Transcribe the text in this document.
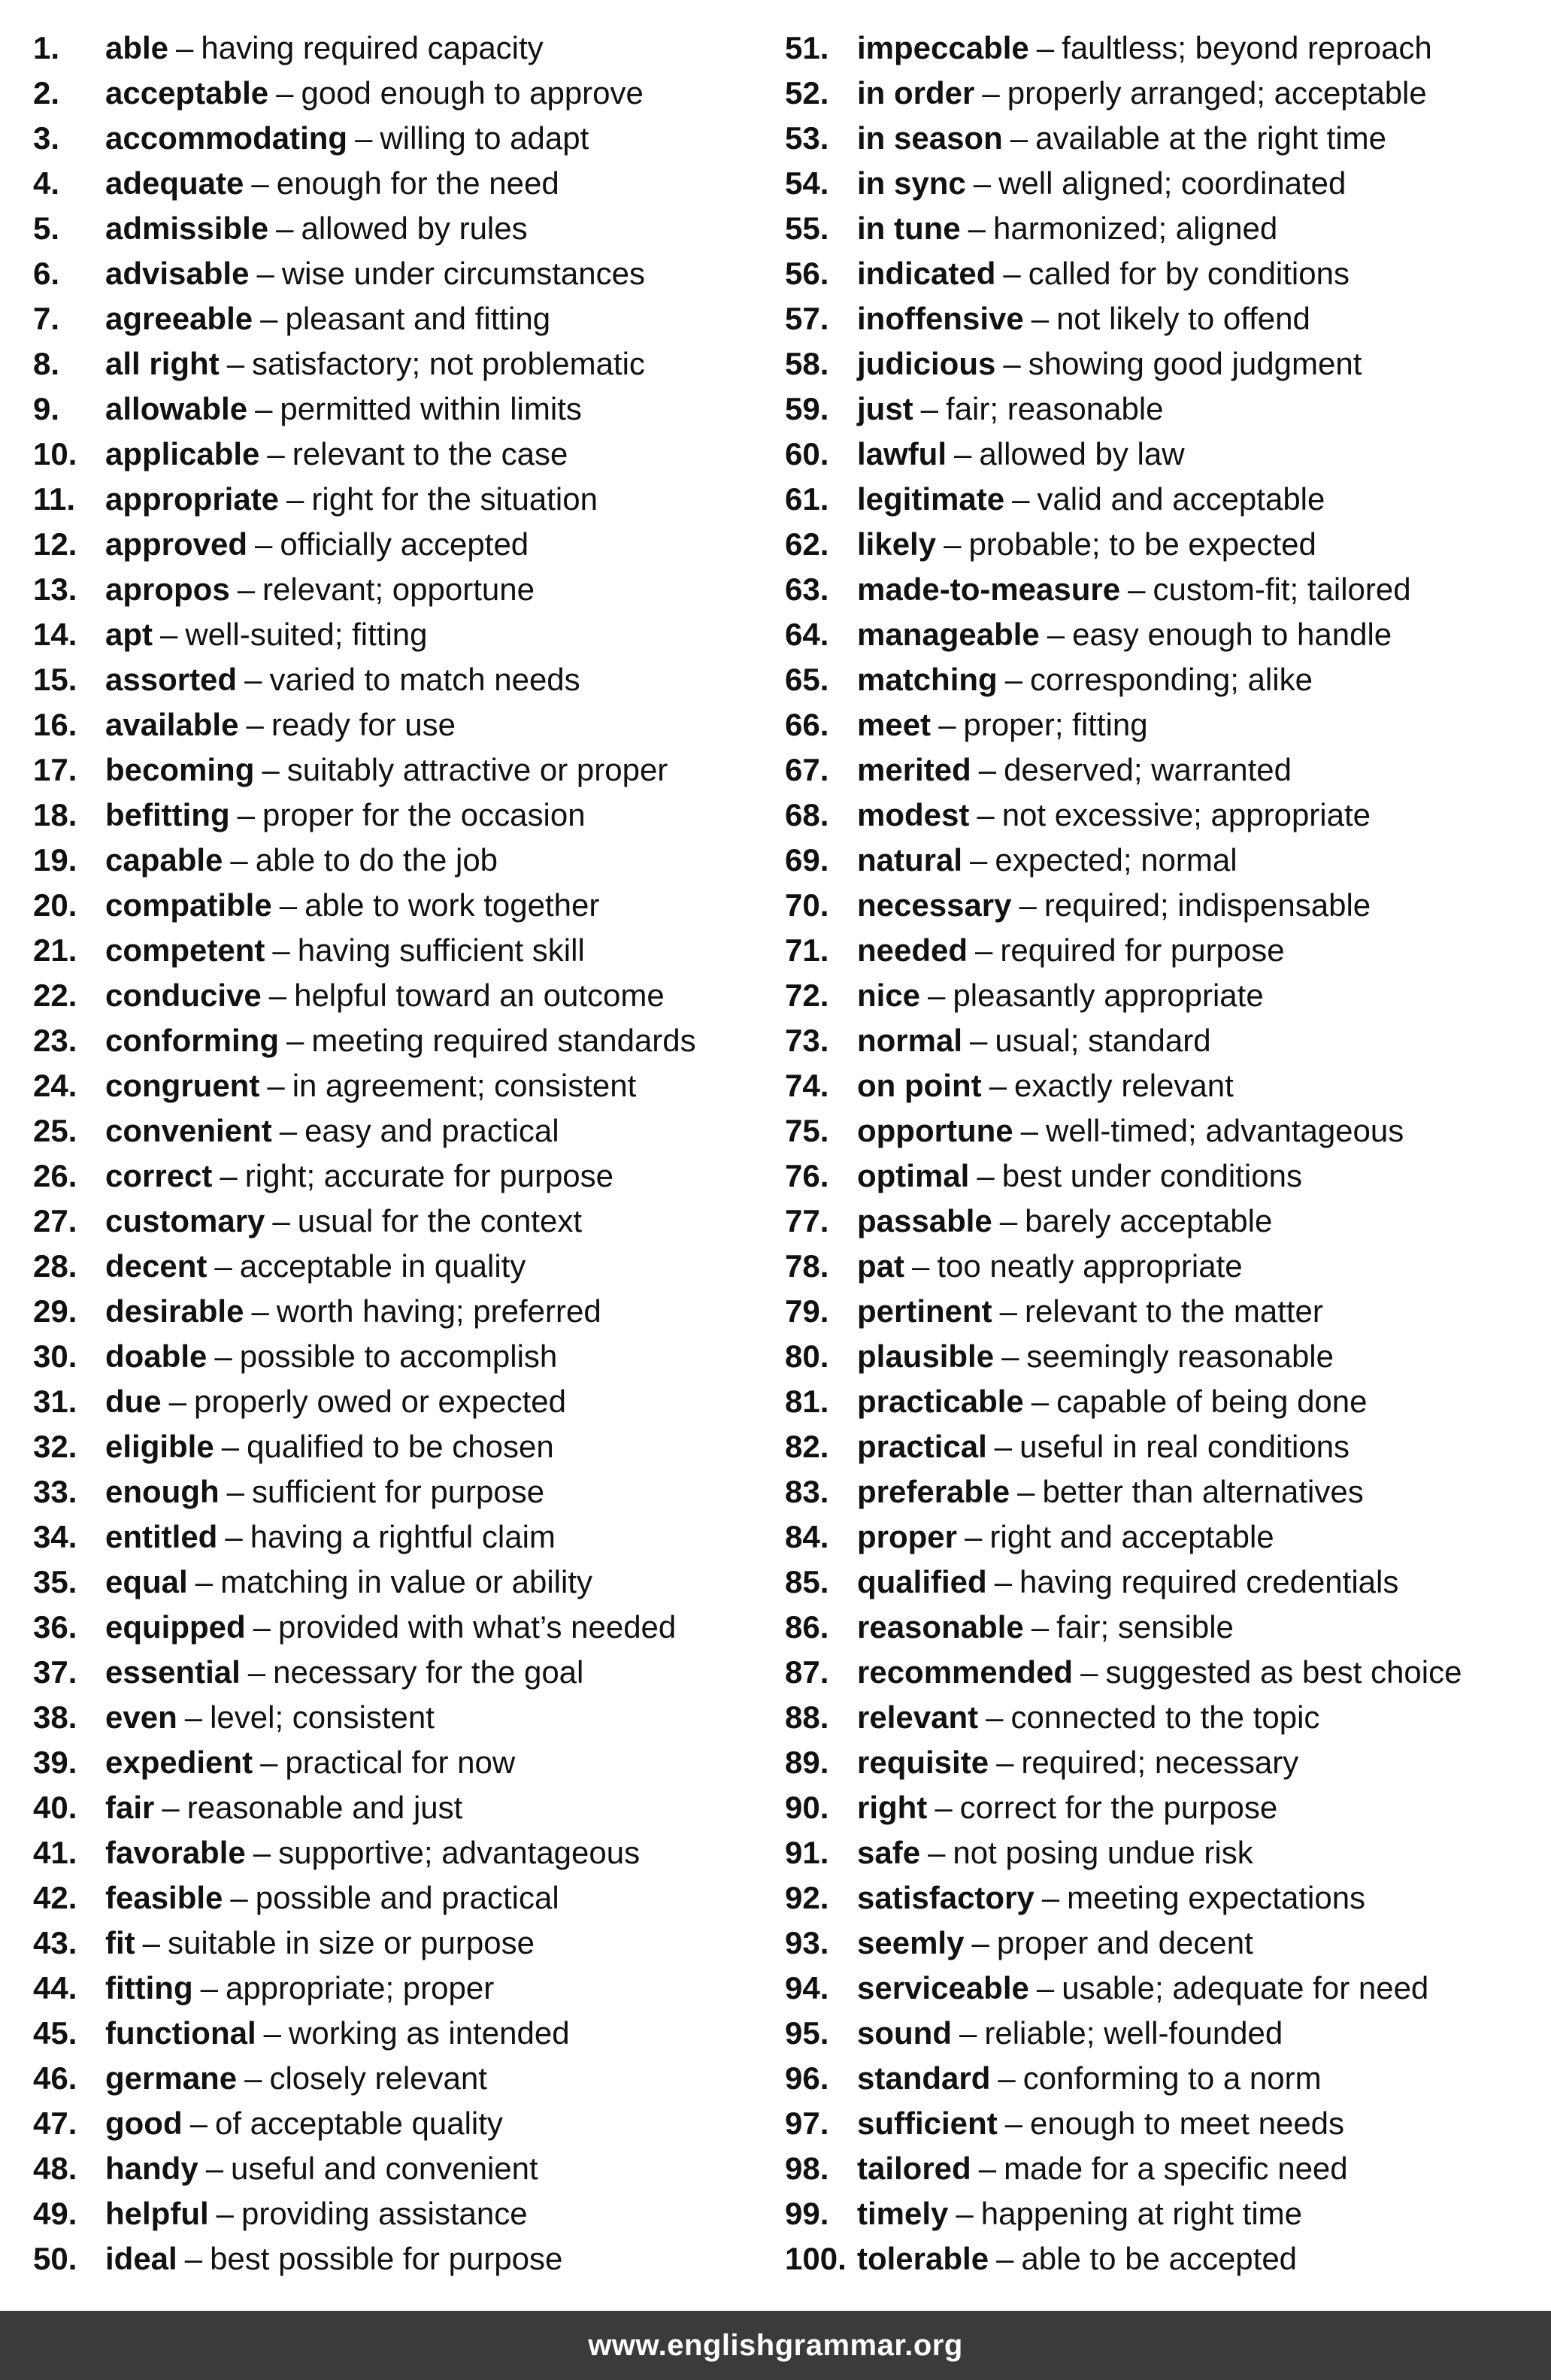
1.	able – having required capacity
2.	acceptable – good enough to approve
3.	accommodating – willing to adapt
4.	adequate – enough for the need
5.	admissible – allowed by rules
6.	advisable – wise under circumstances
7.	agreeable – pleasant and fitting
8.	all right – satisfactory; not problematic
9.	allowable – permitted within limits
10. applicable – relevant to the case
11. appropriate – right for the situation
12. approved – officially accepted
13. apropos – relevant; opportune
14. apt – well-suited; fitting
15. assorted – varied to match needs
16. available – ready for use
17. becoming – suitably attractive or proper
18. befitting – proper for the occasion
19. capable – able to do the job
20. compatible – able to work together
21. competent – having sufficient skill
22. conducive – helpful toward an outcome
23. conforming – meeting required standards
24. congruent – in agreement; consistent
25. convenient – easy and practical
26. correct – right; accurate for purpose
27. customary – usual for the context
28. decent – acceptable in quality
29. desirable – worth having; preferred
30. doable – possible to accomplish
31. due – properly owed or expected
32. eligible – qualified to be chosen
33. enough – sufficient for purpose
34. entitled – having a rightful claim
35. equal – matching in value or ability
36. equipped – provided with what’s needed
37. essential – necessary for the goal
38. even – level; consistent
39. expedient – practical for now
40. fair – reasonable and just
41. favorable – supportive; advantageous
42. feasible – possible and practical
43. fit – suitable in size or purpose
44. fitting – appropriate; proper
45. functional – working as intended
46. germane – closely relevant
47. good – of acceptable quality
48. handy – useful and convenient
49. helpful – providing assistance
50. ideal – best possible for purpose
51. impeccable – faultless; beyond reproach
52. in order – properly arranged; acceptable
53. in season – available at the right time
54. in sync – well aligned; coordinated
55. in tune – harmonized; aligned
56. indicated – called for by conditions
57. inoffensive – not likely to offend
58. judicious – showing good judgment
59. just – fair; reasonable
60. lawful – allowed by law
61. legitimate – valid and acceptable
62. likely – probable; to be expected
63. made-to-measure – custom-fit; tailored
64. manageable – easy enough to handle
65. matching – corresponding; alike
66. meet – proper; fitting
67. merited – deserved; warranted
68. modest – not excessive; appropriate
69. natural – expected; normal
70. necessary – required; indispensable
71. needed – required for purpose
72. nice – pleasantly appropriate
73. normal – usual; standard
74. on point – exactly relevant
75. opportune – well-timed; advantageous
76. optimal – best under conditions
77. passable – barely acceptable
78. pat – too neatly appropriate
79. pertinent – relevant to the matter
80. plausible – seemingly reasonable
81. practicable – capable of being done
82. practical – useful in real conditions
83. preferable – better than alternatives
84. proper – right and acceptable
85. qualified – having required credentials
86. reasonable – fair; sensible
87. recommended – suggested as best choice
88. relevant – connected to the topic
89. requisite – required; necessary
90. right – correct for the purpose
91. safe – not posing undue risk
92. satisfactory – meeting expectations
93. seemly – proper and decent
94. serviceable – usable; adequate for need
95. sound – reliable; well-founded
96. standard – conforming to a norm
97. sufficient – enough to meet needs
98. tailored – made for a specific need
99. timely – happening at right time
100. tolerable – able to be accepted
www.englishgrammar.org
